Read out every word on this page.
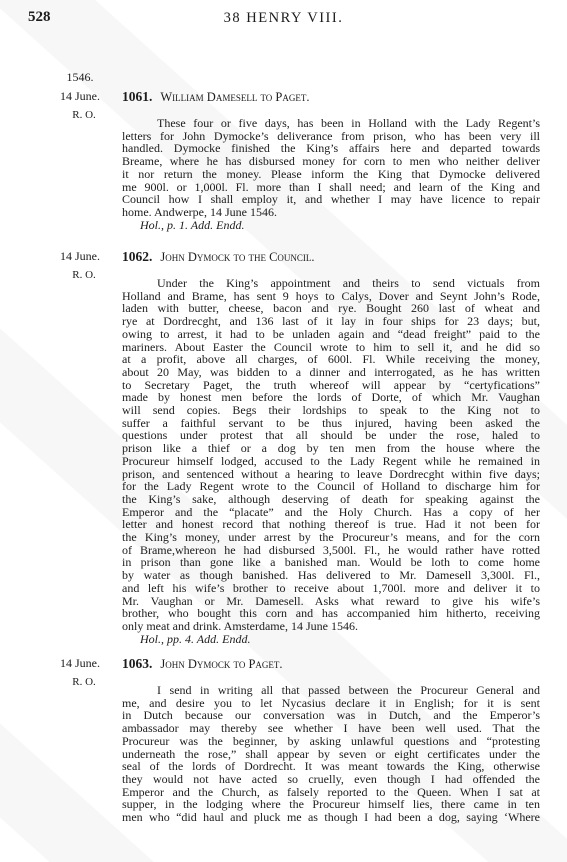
528	38 HENRY VIII.
1546.
14 June.
R. O.
1061. William Damesell to Paget.
These four or five days, has been in Holland with the Lady Regent’s
letters for John Dymocke’s deliverance from prison, who has been very ill
handled. Dymocke finished the King’s affairs here and departed towards
Breame, where he has disbursed money for corn to men who neither deliver
it nor return the money. Please inform the King that Dymocke delivered
me 900l. or 1,000l. Fl. more than I shall need; and learn of the King and
Council how I shall employ it, and whether I may have licence to repair
home. Andwerpe, 14 June 1546.
Hol., p. 1. Add. Endd.
14 June.
R. O.
1062. John Dymock to the Council.
Under the King’s appointment and theirs to send victuals from
Holland and Brame, has sent 9 hoys to Calys, Dover and Seynt John’s Rode,
laden with butter, cheese, bacon and rye. Bought 260 last of wheat and
rye at Dordrecght, and 136 last of it lay in four ships for 23 days; but,
owing to arrest, it had to be unladen again and “dead freight” paid to the
mariners. About Easter the Council wrote to him to sell it, and he did so
at a profit, above all charges, of 600l. Fl. While receiving the money,
about 20 May, was bidden to a dinner and interrogated, as he has written
to Secretary Paget, the truth whereof will appear by “certyfications”
made by honest men before the lords of Dorte, of which Mr. Vaughan
will send copies. Begs their lordships to speak to the King not to
suffer a faithful servant to be thus injured, having been asked the
questions under protest that all should be under the rose, haled to
prison like a thief or a dog by ten men from the house where the
Procureur himself lodged, accused to the Lady Regent while he remained in
prison, and sentenced without a hearing to leave Dordrecght within five days;
for the Lady Regent wrote to the Council of Holland to discharge him for
the King’s sake, although deserving of death for speaking against the
Emperor and the “placate” and the Holy Church. Has a copy of her
letter and honest record that nothing thereof is true. Had it not been for
the King’s money, under arrest by the Procureur’s means, and for the corn
of Brame,whereon he had disbursed 3,500l. Fl., he would rather have rotted
in prison than gone like a banished man. Would be loth to come home
by water as though banished. Has delivered to Mr. Damesell 3,300l. Fl.,
and left his wife’s brother to receive about 1,700l. more and deliver it to
Mr. Vaughan or Mr. Damesell. Asks what reward to give his wife’s
brother, who bought this corn and has accompanied him hitherto, receiving
only meat and drink. Amsterdame, 14 June 1546.
Hol., pp. 4. Add. Endd.
14 June.
R. O.
1063. John Dymock to Paget.
I send in writing all that passed between the Procureur General and
me, and desire you to let Nycasius declare it in English; for it is sent
in Dutch because our conversation was in Dutch, and the Emperor’s
ambassador may thereby see whether I have been well used. That the
Procureur was the beginner, by asking unlawful questions and “protesting
underneath the rose,” shall appear by seven or eight certificates under the
seal of the lords of Dordrecht. It was meant towards the King, otherwise
they would not have acted so cruelly, even though I had offended the
Emperor and the Church, as falsely reported to the Queen. When I sat at
supper, in the lodging where the Procureur himself lies, there came in ten
men who “did haul and pluck me as though I had been a dog, saying ‘Where
